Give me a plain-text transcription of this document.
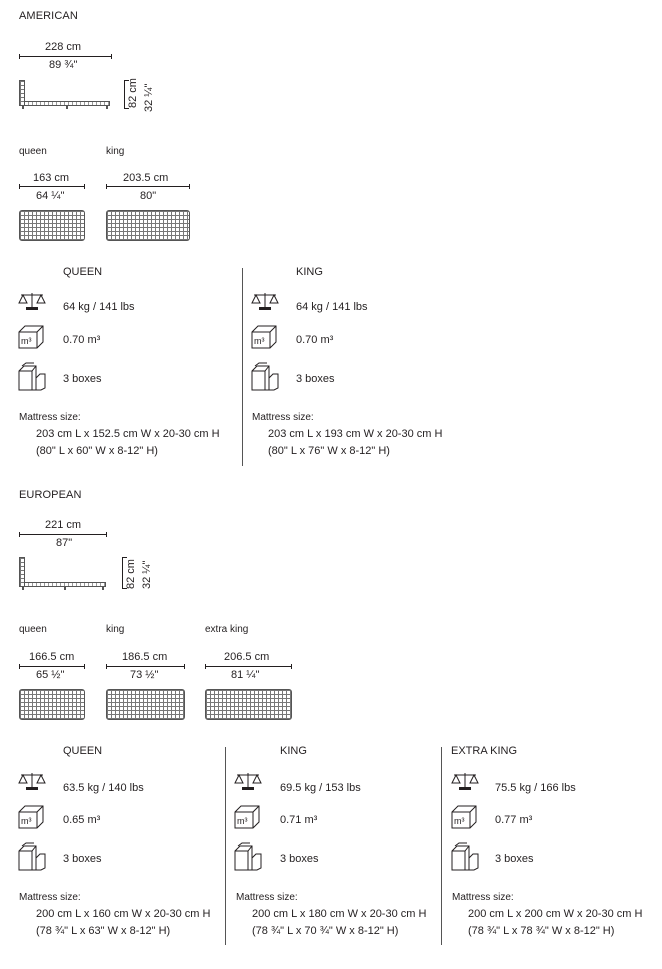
AMERICAN
228 cm
89 ¾"
82 cm 32 ¼"
queen	king
163 cm
64 ¼"
203.5 cm
80"
QUEEN
64 kg / 141 lbs
m³	0.70 m³
3 boxes
Mattress size:
203 cm L x 152.5 cm W x 20-30 cm H
(80" L x 60" W x 8-12" H)
KING
64 kg / 141 lbs
m³	0.70 m³
3 boxes
Mattress size:
203 cm L x 193 cm W x 20-30 cm H
(80" L x 76" W x 8-12" H)
EUROPEAN
221 cm
87"
82 cm 32 ¼"
queen	king	extra king
166.5 cm
65 ½"
186.5 cm
73 ½"
206.5 cm
81 ¼"
QUEEN
63.5 kg / 140 lbs
m³	0.65 m³
3 boxes
Mattress size:
200 cm L x 160 cm W x 20-30 cm H
(78 ¾" L x 63" W x 8-12" H)
KING
69.5 kg / 153 lbs
m³	0.71 m³
3 boxes
Mattress size:
200 cm L x 180 cm W x 20-30 cm H
(78 ¾" L x 70 ¾" W x 8-12" H)
EXTRA KING
75.5 kg / 166 lbs
m³	0.77 m³
3 boxes
Mattress size:
200 cm L x 200 cm W x 20-30 cm H
(78 ¾" L x 78 ¾" W x 8-12" H)
